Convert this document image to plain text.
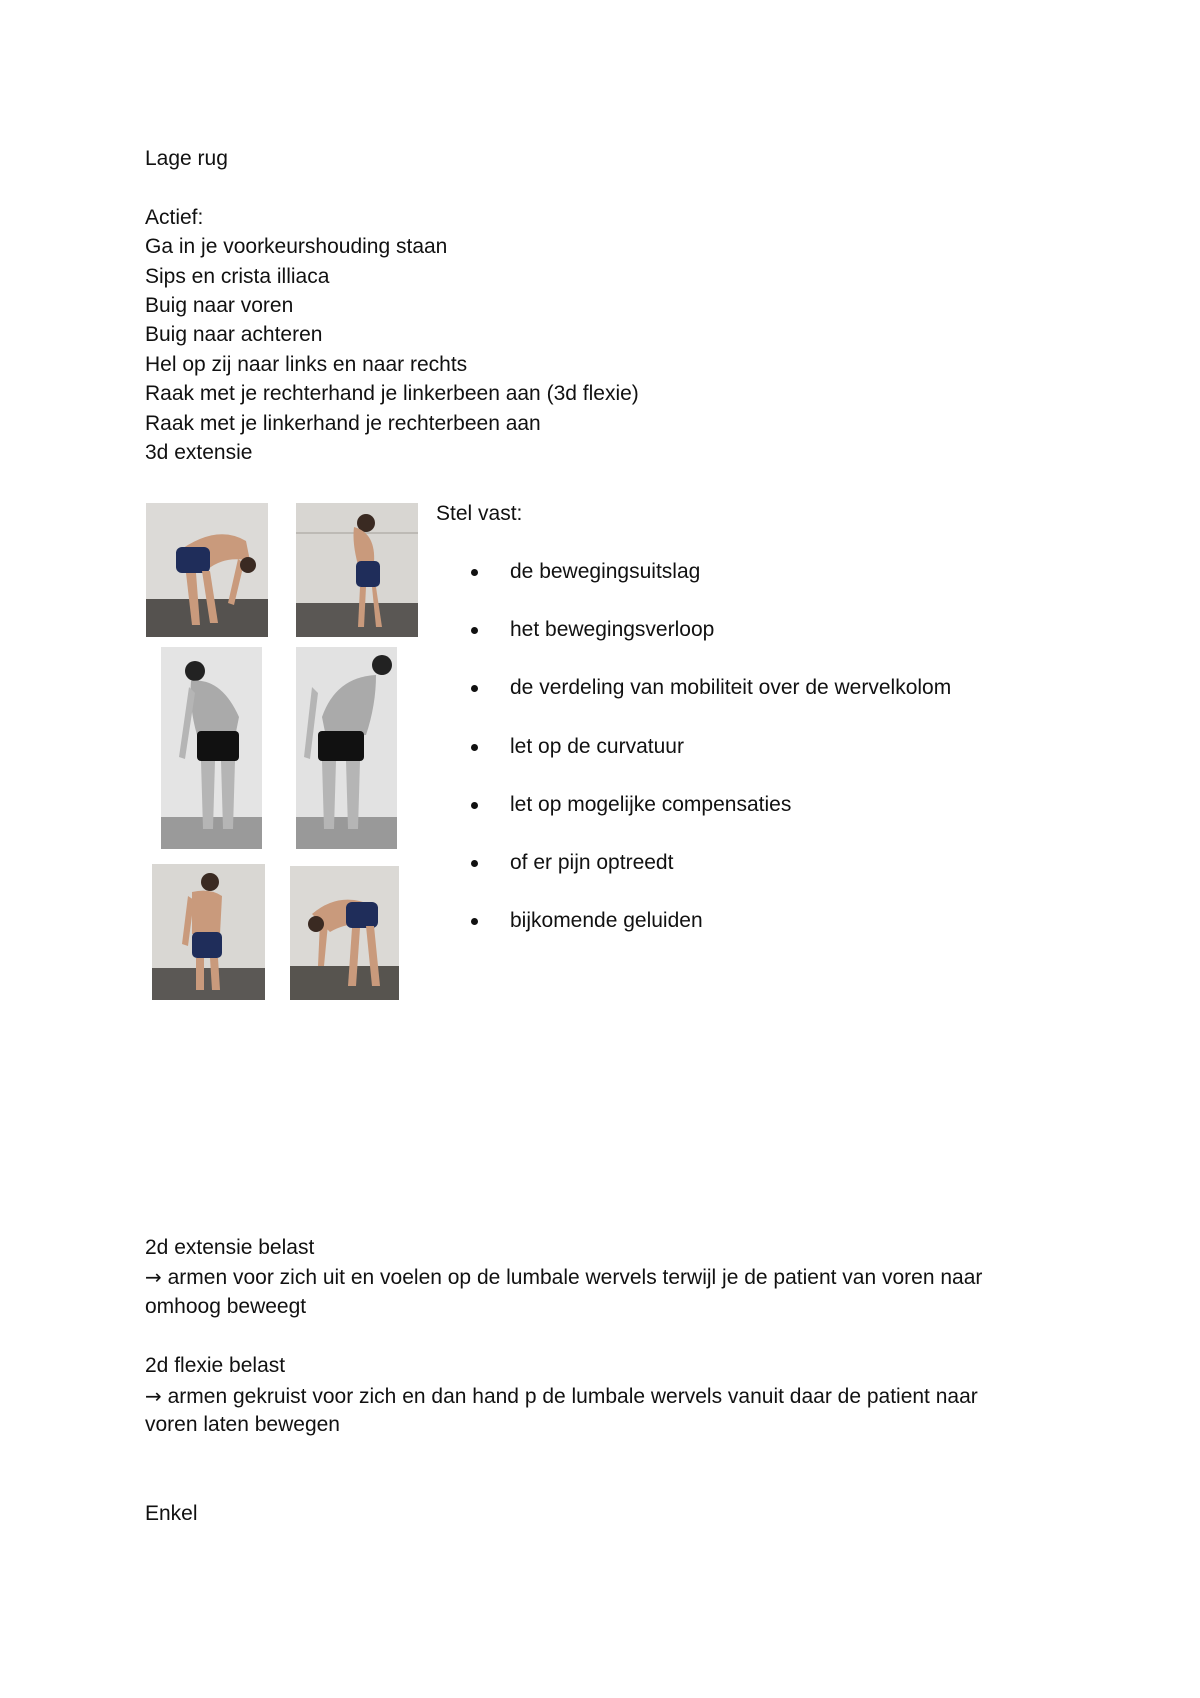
Lage rug
Actief:
Ga in je voorkeurshouding staan
Sips en crista illiaca
Buig naar voren
Buig naar achteren
Hel op zij naar links en naar rechts
Raak met je rechterhand je linkerbeen aan (3d flexie)
Raak met je linkerhand je rechterbeen aan
3d extensie
Stel vast:
de bewegingsuitslag
het bewegingsverloop
de verdeling van mobiliteit over de wervelkolom
let op de curvatuur
let op mogelijke compensaties
of er pijn optreedt
bijkomende geluiden
2d extensie belast
→ armen voor zich uit en voelen op de lumbale wervels terwijl je de patient van voren naar
omhoog beweegt
2d flexie belast
→ armen gekruist voor zich en dan hand p de lumbale wervels vanuit daar de patient naar
voren laten bewegen
Enkel
